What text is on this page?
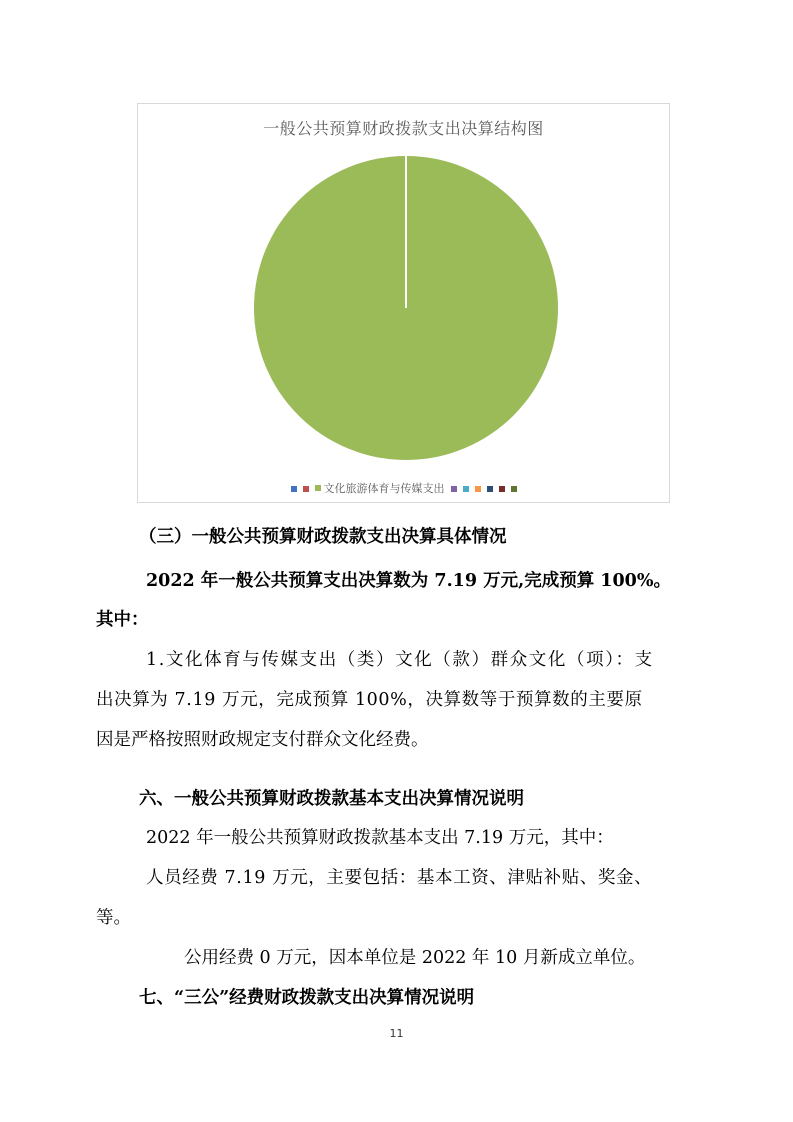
一般公共预算财政拨款支出决算结构图
文化旅游体育与传媒支出
（三）一般公共预算财政拨款支出决算具体情况
2022 年一般公共预算支出决算数为 7.19 万元,完成预算 100%。
其中：
1.文化体育与传媒支出（类）文化（款）群众文化（项）：支
出决算为 7.19 万元，完成预算 100%，决算数等于预算数的主要原
因是严格按照财政规定支付群众文化经费。
六、一般公共预算财政拨款基本支出决算情况说明
2022 年一般公共预算财政拨款基本支出 7.19 万元，其中：
人员经费 7.19 万元，主要包括：基本工资、津贴补贴、奖金、
等。
公用经费 0 万元，因本单位是 2022 年 10 月新成立单位。
七、“三公”经费财政拨款支出决算情况说明
11
